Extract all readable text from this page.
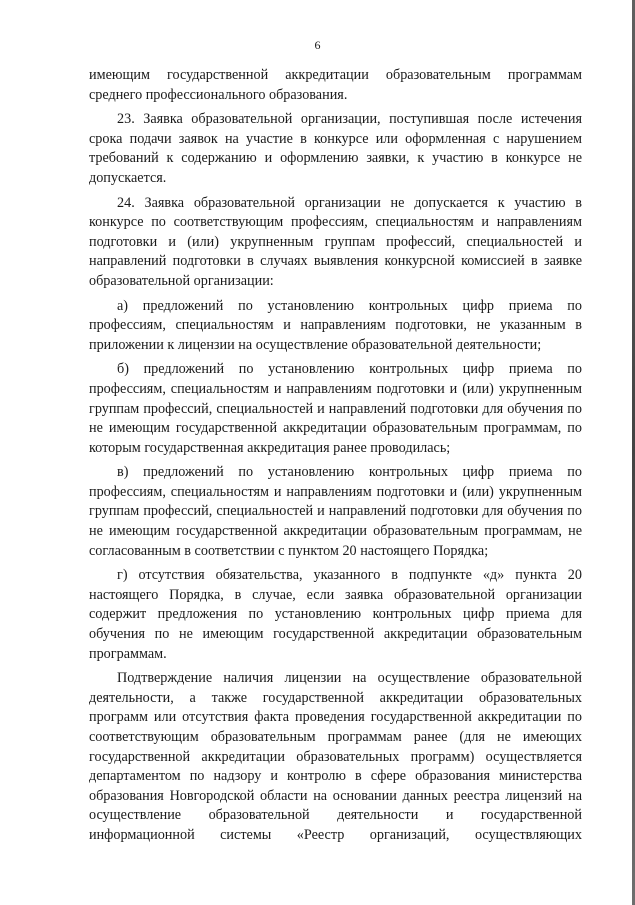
6

имеющим государственной аккредитации образовательным программам среднего профессионального образования.

23. Заявка образовательной организации, поступившая после истечения срока подачи заявок на участие в конкурсе или оформленная с нарушением требований к содержанию и оформлению заявки, к участию в конкурсе не допускается.

24. Заявка образовательной организации не допускается к участию в конкурсе по соответствующим профессиям, специальностям и направлениям подготовки и (или) укрупненным группам профессий, специальностей и направлений подготовки в случаях выявления конкурсной комиссией в заявке образовательной организации:

а) предложений по установлению контрольных цифр приема по профессиям, специальностям и направлениям подготовки, не указанным в приложении к лицензии на осуществление образовательной деятельности;

б) предложений по установлению контрольных цифр приема по профессиям, специальностям и направлениям подготовки и (или) укрупненным группам профессий, специальностей и направлений подготовки для обучения по не имеющим государственной аккредитации образовательным программам, по которым государственная аккредитация ранее проводилась;

в) предложений по установлению контрольных цифр приема по профессиям, специальностям и направлениям подготовки и (или) укрупненным группам профессий, специальностей и направлений подготовки для обучения по не имеющим государственной аккредитации образовательным программам, не согласованным в соответствии с пунктом 20 настоящего Порядка;

г) отсутствия обязательства, указанного в подпункте «д» пункта 20 настоящего Порядка, в случае, если заявка образовательной организации содержит предложения по установлению контрольных цифр приема для обучения по не имеющим государственной аккредитации образовательным программам.

Подтверждение наличия лицензии на осуществление образовательной деятельности, а также государственной аккредитации образовательных программ или отсутствия факта проведения государственной аккредитации по соответствующим образовательным программам ранее (для не имеющих государственной аккредитации образовательных программ) осуществляется департаментом по надзору и контролю в сфере образования министерства образования Новгородской области на основании данных реестра лицензий на осуществление образовательной деятельности и государственной информационной системы «Реестр организаций, осуществляющих
